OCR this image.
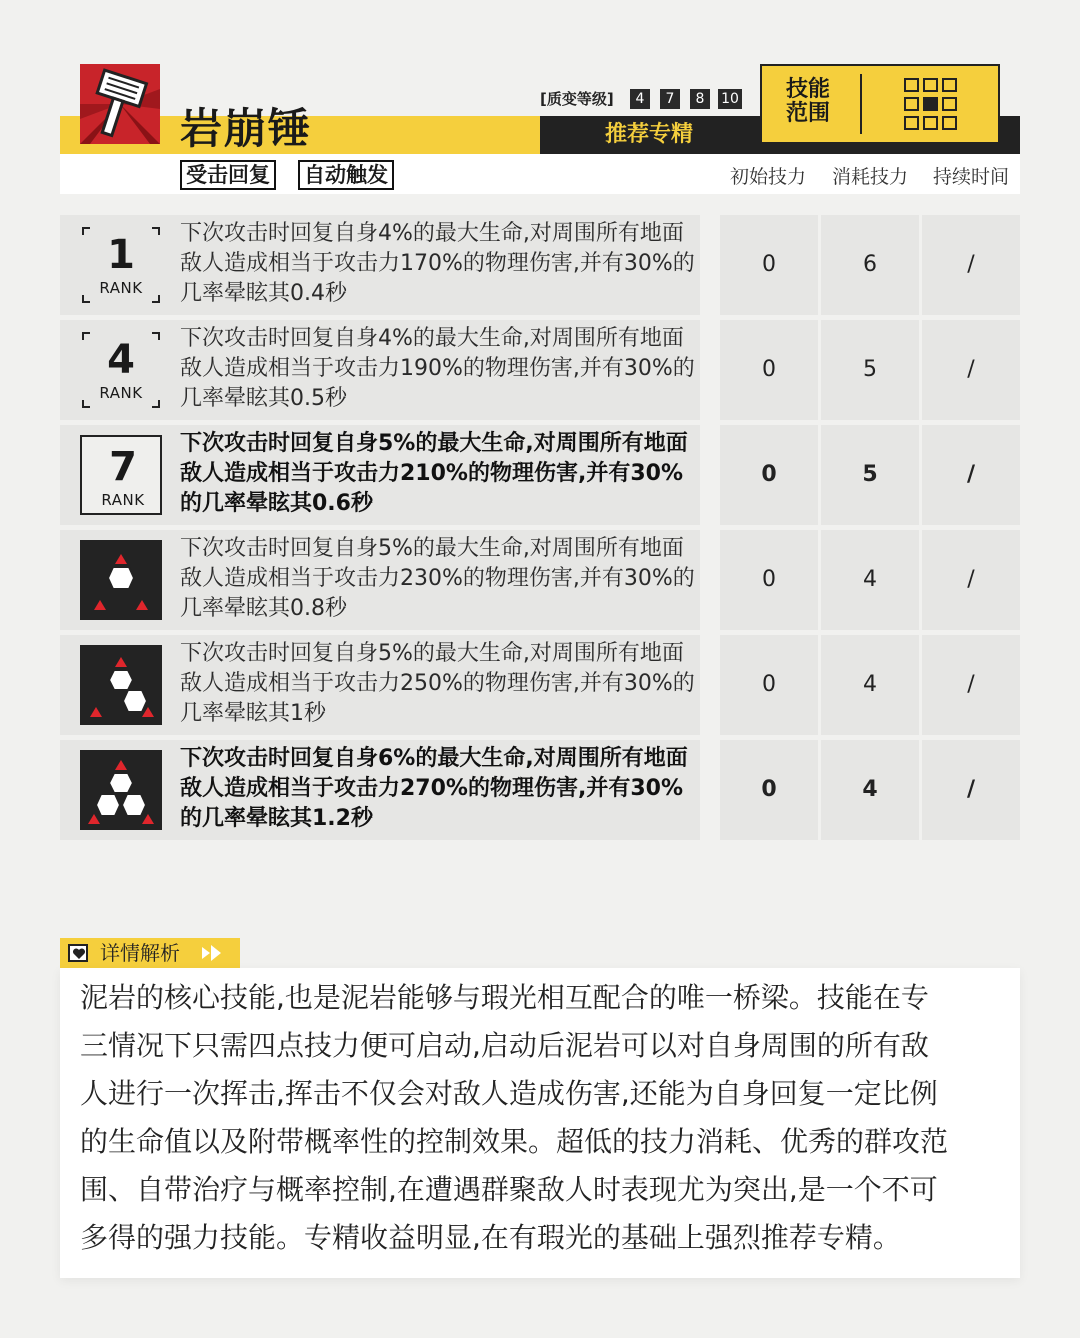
岩崩锤
受击回复 自动触发
[质变等级]	4	7	8	10
推荐专精
技能范围
初始技力	消耗技力	持续时间
1
RANK
下次攻击时回复自身4%的最大生命,对周围所有地面敌人造成相当于攻击力170%的物理伤害,并有30%的几率晕眩其0.4秒
0	6	/
4
RANK
下次攻击时回复自身4%的最大生命,对周围所有地面敌人造成相当于攻击力190%的物理伤害,并有30%的几率晕眩其0.5秒
0	5	/
7
RANK
下次攻击时回复自身5%的最大生命,对周围所有地面敌人造成相当于攻击力210%的物理伤害,并有30%的几率晕眩其0.6秒
0	5	/
下次攻击时回复自身5%的最大生命,对周围所有地面敌人造成相当于攻击力230%的物理伤害,并有30%的几率晕眩其0.8秒
0	4	/
下次攻击时回复自身5%的最大生命,对周围所有地面敌人造成相当于攻击力250%的物理伤害,并有30%的几率晕眩其1秒
0	4	/
下次攻击时回复自身6%的最大生命,对周围所有地面敌人造成相当于攻击力270%的物理伤害,并有30%的几率晕眩其1.2秒
0	4	/
详情解析
泥岩的核心技能,也是泥岩能够与瑕光相互配合的唯一桥梁。技能在专
三情况下只需四点技力便可启动,启动后泥岩可以对自身周围的所有敌
人进行一次挥击,挥击不仅会对敌人造成伤害,还能为自身回复一定比例
的生命值以及附带概率性的控制效果。超低的技力消耗、优秀的群攻范
围、自带治疗与概率控制,在遭遇群聚敌人时表现尤为突出,是一个不可
多得的强力技能。专精收益明显,在有瑕光的基础上强烈推荐专精。
